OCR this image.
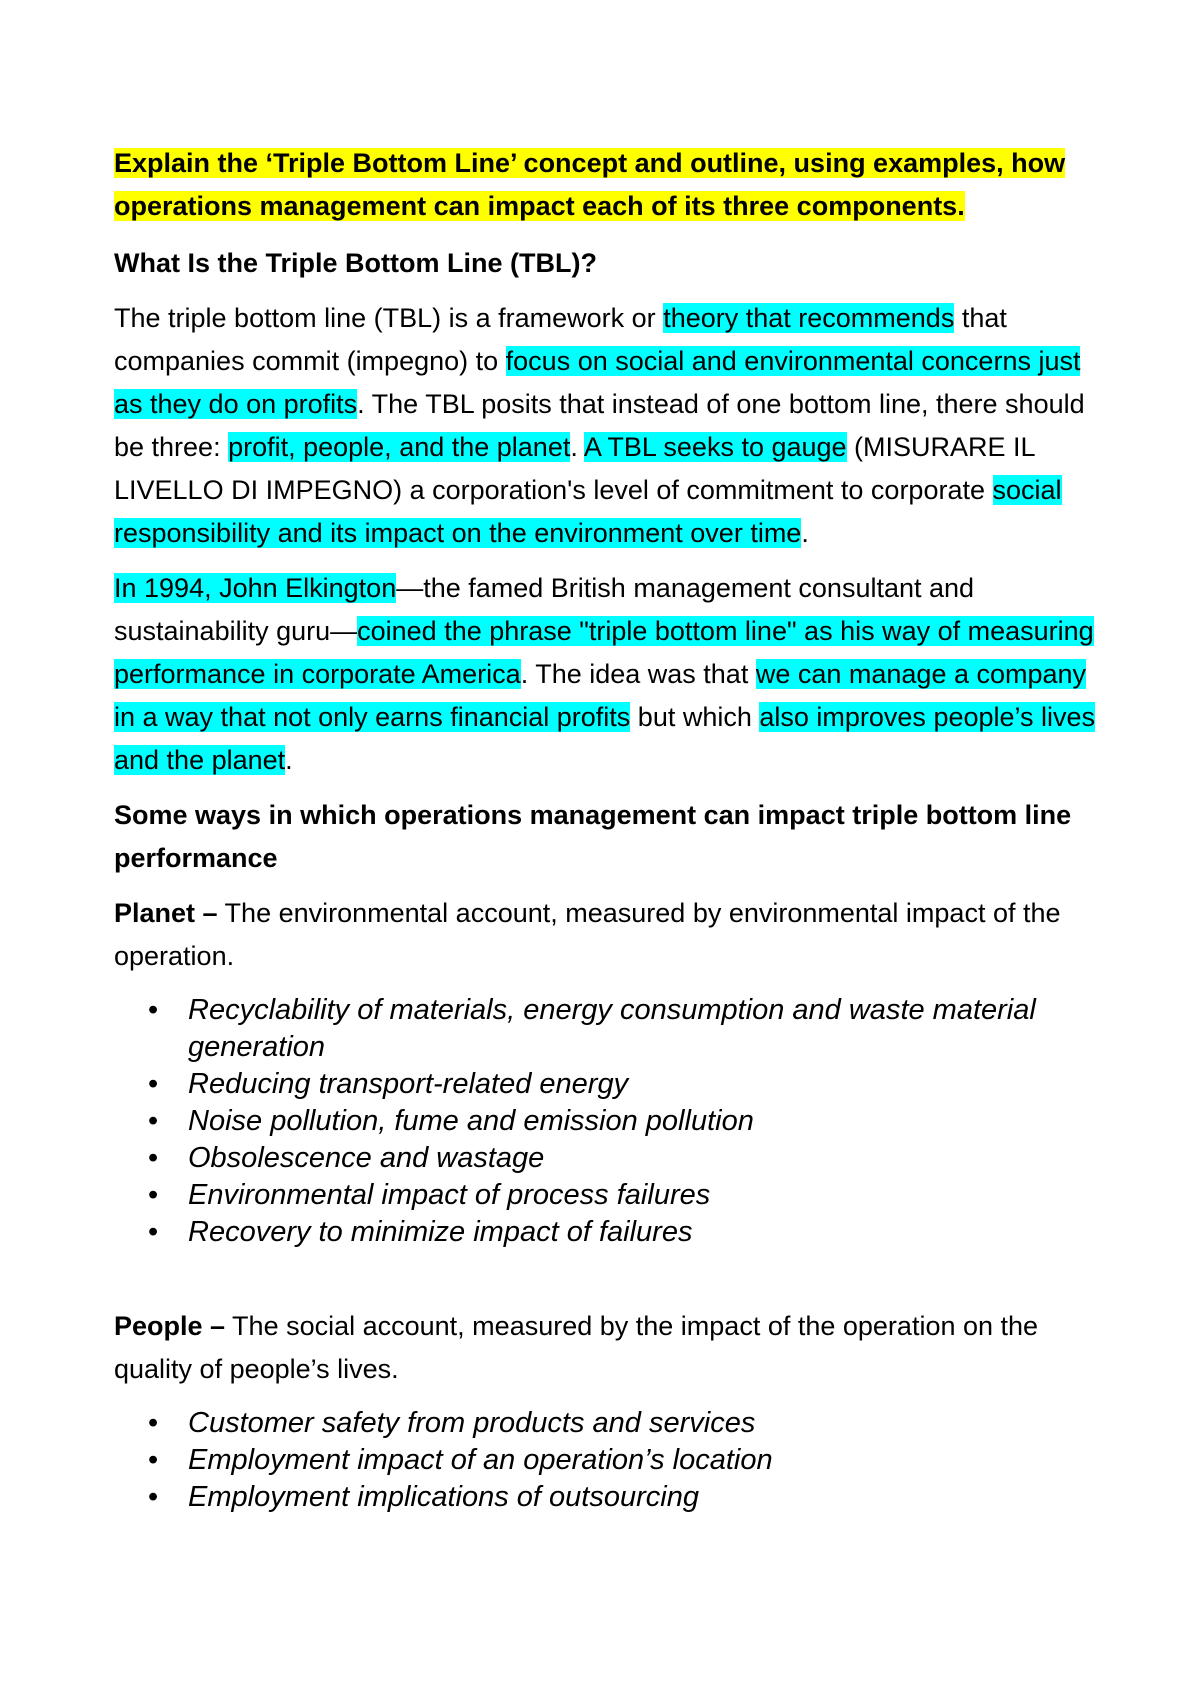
Explain the ‘Triple Bottom Line’ concept and outline, using examples, how operations management can impact each of its three components.

What Is the Triple Bottom Line (TBL)?

The triple bottom line (TBL) is a framework or theory that recommends that companies commit (impegno) to focus on social and environmental concerns just as they do on profits. The TBL posits that instead of one bottom line, there should be three: profit, people, and the planet. A TBL seeks to gauge (MISURARE IL LIVELLO DI IMPEGNO) a corporation's level of commitment to corporate social responsibility and its impact on the environment over time.

In 1994, John Elkington—the famed British management consultant and sustainability guru—coined the phrase "triple bottom line" as his way of measuring performance in corporate America. The idea was that we can manage a company in a way that not only earns financial profits but which also improves people’s lives and the planet.

Some ways in which operations management can impact triple bottom line performance

Planet – The environmental account, measured by environmental impact of the operation.

• Recyclability of materials, energy consumption and waste material generation
• Reducing transport-related energy
• Noise pollution, fume and emission pollution
• Obsolescence and wastage
• Environmental impact of process failures
• Recovery to minimize impact of failures

People – The social account, measured by the impact of the operation on the quality of people’s lives.

• Customer safety from products and services
• Employment impact of an operation’s location
• Employment implications of outsourcing
